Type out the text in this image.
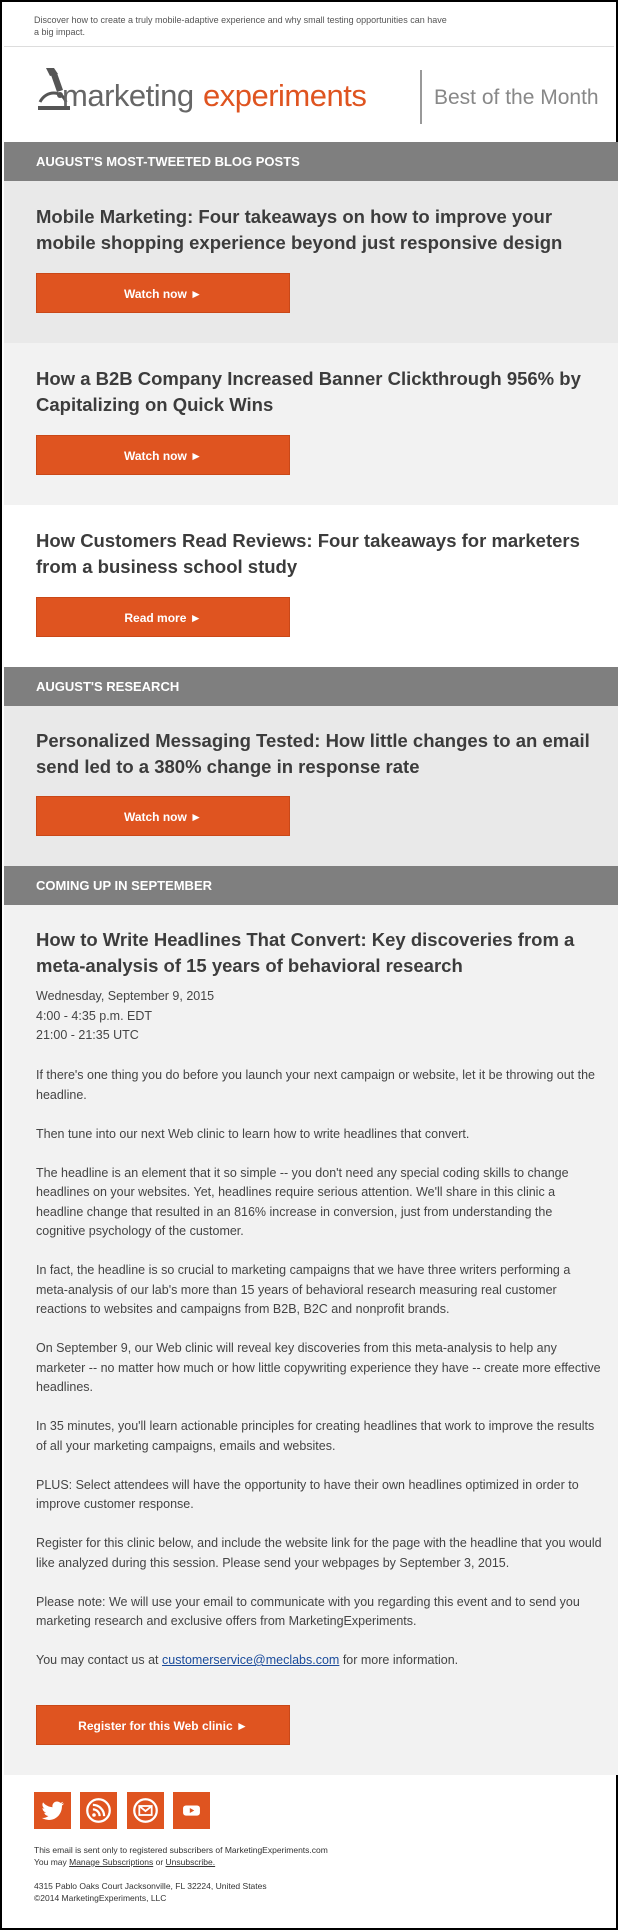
Discover how to create a truly mobile-adaptive experience and why small testing opportunities can have a big impact.
marketing experiments	Best of the Month
AUGUST'S MOST-TWEETED BLOG POSTS
Mobile Marketing: Four takeaways on how to improve your mobile shopping experience beyond just responsive design
Watch now ►
How a B2B Company Increased Banner Clickthrough 956% by Capitalizing on Quick Wins
Watch now ►
How Customers Read Reviews: Four takeaways for marketers from a business school study
Read more ►
AUGUST'S RESEARCH
Personalized Messaging Tested: How little changes to an email send led to a 380% change in response rate
Watch now ►
COMING UP IN SEPTEMBER
How to Write Headlines That Convert: Key discoveries from a meta-analysis of 15 years of behavioral research
Wednesday, September 9, 2015
4:00 - 4:35 p.m. EDT
21:00 - 21:35 UTC

If there's one thing you do before you launch your next campaign or website, let it be throwing out the headline.

Then tune into our next Web clinic to learn how to write headlines that convert.

The headline is an element that it so simple -- you don't need any special coding skills to change headlines on your websites. Yet, headlines require serious attention. We'll share in this clinic a headline change that resulted in an 816% increase in conversion, just from understanding the cognitive psychology of the customer.

In fact, the headline is so crucial to marketing campaigns that we have three writers performing a meta-analysis of our lab's more than 15 years of behavioral research measuring real customer reactions to websites and campaigns from B2B, B2C and nonprofit brands.

On September 9, our Web clinic will reveal key discoveries from this meta-analysis to help any marketer -- no matter how much or how little copywriting experience they have -- create more effective headlines.

In 35 minutes, you'll learn actionable principles for creating headlines that work to improve the results of all your marketing campaigns, emails and websites.

PLUS: Select attendees will have the opportunity to have their own headlines optimized in order to improve customer response.

Register for this clinic below, and include the website link for the page with the headline that you would like analyzed during this session. Please send your webpages by September 3, 2015.

Please note: We will use your email to communicate with you regarding this event and to send you marketing research and exclusive offers from MarketingExperiments.

You may contact us at customerservice@meclabs.com for more information.

Register for this Web clinic ►

This email is sent only to registered subscribers of MarketingExperiments.com
You may Manage Subscriptions or Unsubscribe.
4315 Pablo Oaks Court Jacksonville, FL 32224, United States
©2014 MarketingExperiments, LLC
